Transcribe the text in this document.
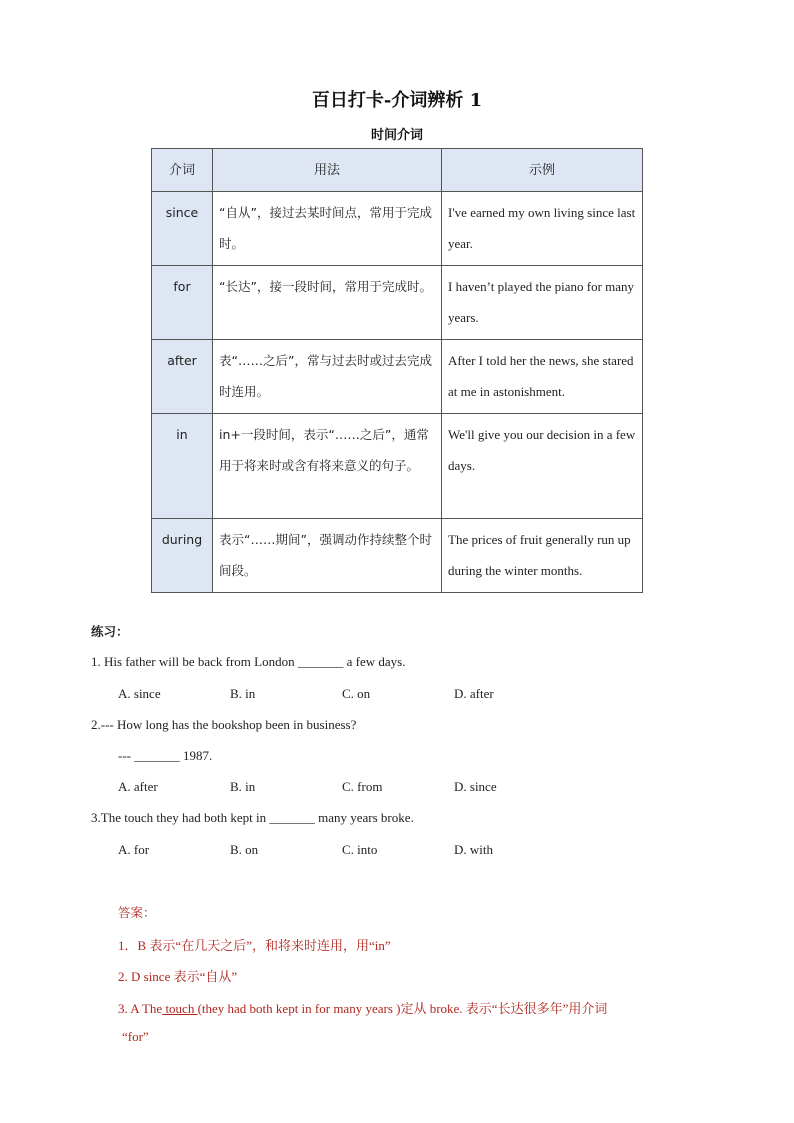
百日打卡-介词辨析 1
时间介词
介词	用法	示例
since	“自从”，接过去某时间点，常用于完成时。	I've earned my own living since last year.
for	“长达”，接一段时间，常用于完成时。	I haven’t played the piano for many years.
after	表“……之后”，常与过去时或过去完成时连用。	After I told her the news, she stared at me in astonishment.
in	in+一段时间，表示“……之后”，通常用于将来时或含有将来意义的句子。	We'll give you our decision in a few days.
during	表示“……期间”，强调动作持续整个时间段。	The prices of fruit generally run up during the winter months.
练习：
1. His father will be back from London _______ a few days.
A. since	B. in	C. on	D. after
2.--- How long has the bookshop been in business?
--- _______ 1987.
A. after	B. in	C. from	D. since
3.The touch they had both kept in _______ many years broke.
A. for	B. on	C. into	D. with
答案：
1．B 表示“在几天之后”，和将来时连用，用“in”
2. D since 表示“自从”
3. A The touch (they had both kept in for many years )定从 broke. 表示“长达很多年”用介词
“for”
